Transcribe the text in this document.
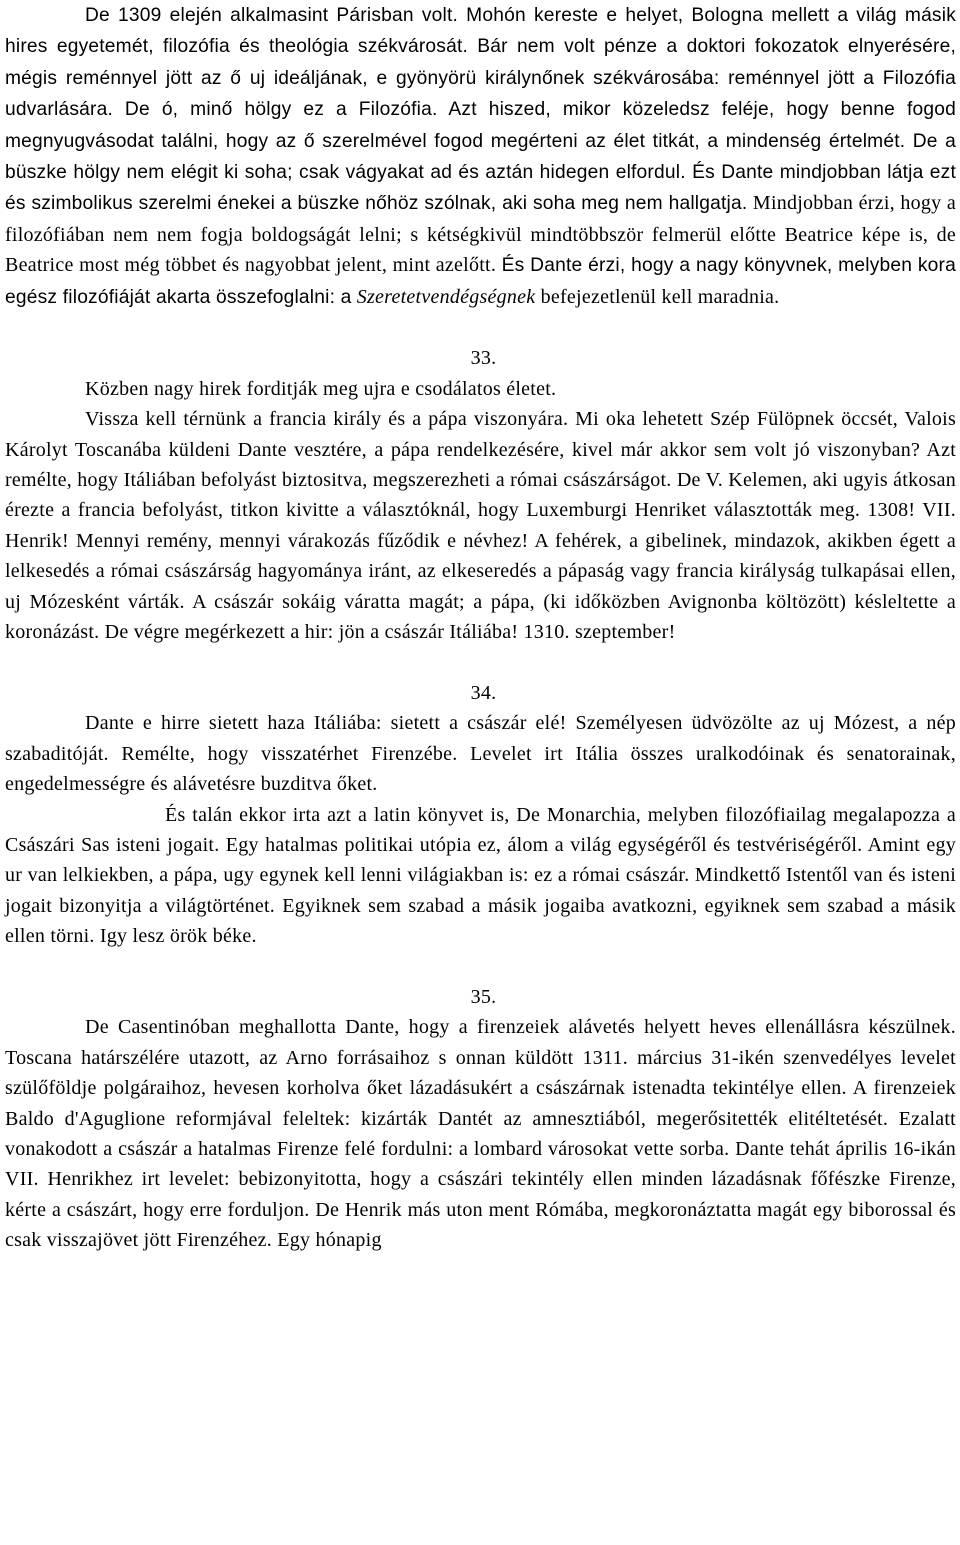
De 1309 elején alkalmasint Párisban volt. Mohón kereste e helyet, Bologna mellett a világ másik hires egyetemét, filozófia és theológia székvárosát. Bár nem volt pénze a doktori fokozatok elnyerésére, mégis reménnyel jött az ő uj ideáljának, e gyönyörü királynőnek székvárosába: reménnyel jött a Filozófia udvarlására. De ó, minő hölgy ez a Filozófia. Azt hiszed, mikor közeledsz feléje, hogy benne fogod megnyugvásodat találni, hogy az ő szerelmével fogod megérteni az élet titkát, a mindenség értelmét. De a büszke hölgy nem elégit ki soha; csak vágyakat ad és aztán hidegen elfordul. És Dante mindjobban látja ezt és szimbolikus szerelmi énekei a büszke nőhöz szólnak, aki soha meg nem hallgatja. Mindjobban érzi, hogy a filozófiában nem nem fogja boldogságát lelni; s kétségkivül mindtöbbször felmerül előtte Beatrice képe is, de Beatrice most még többet és nagyobbat jelent, mint azelőtt. És Dante érzi, hogy a nagy könyvnek, melyben kora egész filozófiáját akarta összefoglalni: a Szeretetvendégségnek befejezetlenül kell maradnia.

33.

Közben nagy hirek forditják meg ujra e csodálatos életet.

Vissza kell térnünk a francia király és a pápa viszonyára. Mi oka lehetett Szép Fülöpnek öccsét, Valois Károlyt Toscanába küldeni Dante vesztére, a pápa rendelkezésére, kivel már akkor sem volt jó viszonyban? Azt remélte, hogy Itáliában befolyást biztositva, megszerezheti a római császárságot. De V. Kelemen, aki ugyis átkosan érezte a francia befolyást, titkon kivitte a választóknál, hogy Luxemburgi Henriket választották meg. 1308! VII. Henrik! Mennyi remény, mennyi várakozás fűződik e névhez! A fehérek, a gibelinek, mindazok, akikben égett a lelkesedés a római császárság hagyománya iránt, az elkeseredés a pápaság vagy francia királyság tulkapásai ellen, uj Mózesként várták. A császár sokáig váratta magát; a pápa, (ki időközben Avignonba költözött) késleltette a koronázást. De végre megérkezett a hir: jön a császár Itáliába! 1310. szeptember!

34.

Dante e hirre sietett haza Itáliába: sietett a császár elé! Személyesen üdvözölte az uj Mózest, a nép szabaditóját. Remélte, hogy visszatérhet Firenzébe. Levelet irt Itália összes uralkodóinak és senatorainak, engedelmességre és alávetésre buzditva őket.

És talán ekkor irta azt a latin könyvet is, De Monarchia, melyben filozófiailag megalapozza a Császári Sas isteni jogait. Egy hatalmas politikai utópia ez, álom a világ egységéről és testvériségéről. Amint egy ur van lelkiekben, a pápa, ugy egynek kell lenni világiakban is: ez a római császár. Mindkettő Istentől van és isteni jogait bizonyitja a világtörténet. Egyiknek sem szabad a másik jogaiba avatkozni, egyiknek sem szabad a másik ellen törni. Igy lesz örök béke.

35.

De Casentinóban meghallotta Dante, hogy a firenzeiek alávetés helyett heves ellenállásra készülnek. Toscana határszélére utazott, az Arno forrásaihoz s onnan küldött 1311. március 31-ikén szenvedélyes levelet szülőföldje polgáraihoz, hevesen korholva őket lázadásukért a császárnak istenadta tekintélye ellen. A firenzeiek Baldo d'Aguglione reformjával feleltek: kizárták Dantét az amnesztiából, megerősitették elitéltetését. Ezalatt vonakodott a császár a hatalmas Firenze felé fordulni: a lombard városokat vette sorba. Dante tehát április 16-ikán VII. Henrikhez irt levelet: bebizonyitotta, hogy a császári tekintély ellen minden lázadásnak főfészke Firenze, kérte a császárt, hogy erre forduljon. De Henrik más uton ment Rómába, megkoronáztatta magát egy biborossal és csak visszajövet jött Firenzéhez. Egy hónapig
